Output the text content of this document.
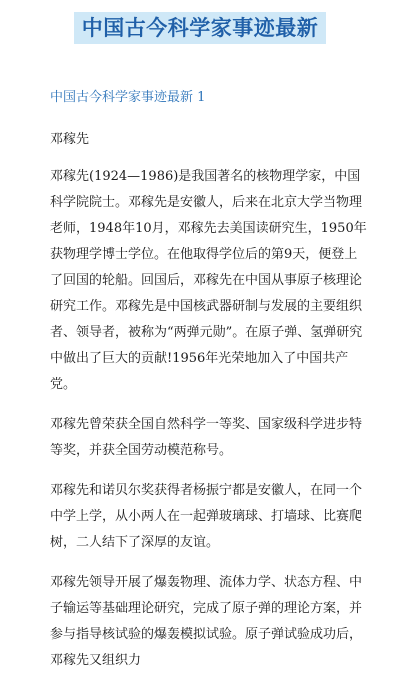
中国古今科学家事迹最新
中国古今科学家事迹最新 1
邓稼先

邓稼先(1924—1986)是我国著名的核物理学家，中国科学院院士。邓稼先是安徽人，后来在北京大学当物理老师，1948年10月，邓稼先去美国读研究生，1950年获物理学博士学位。在他取得学位后的第9天，便登上了回国的轮船。回国后，邓稼先在中国从事原子核理论研究工作。邓稼先是中国核武器研制与发展的主要组织者、领导者，被称为“两弹元勋”。在原子弹、氢弹研究中做出了巨大的贡献!1956年光荣地加入了中国共产党。

邓稼先曾荣获全国自然科学一等奖、国家级科学进步特等奖，并获全国劳动模范称号。

邓稼先和诺贝尔奖获得者杨振宁都是安徽人，在同一个中学上学，从小两人在一起弹玻璃球、打墙球、比赛爬树，二人结下了深厚的友谊。

邓稼先领导开展了爆轰物理、流体力学、状态方程、中子输运等基础理论研究，完成了原子弹的理论方案，并参与指导核试验的爆轰模拟试验。原子弹试验成功后，邓稼先又组织力
